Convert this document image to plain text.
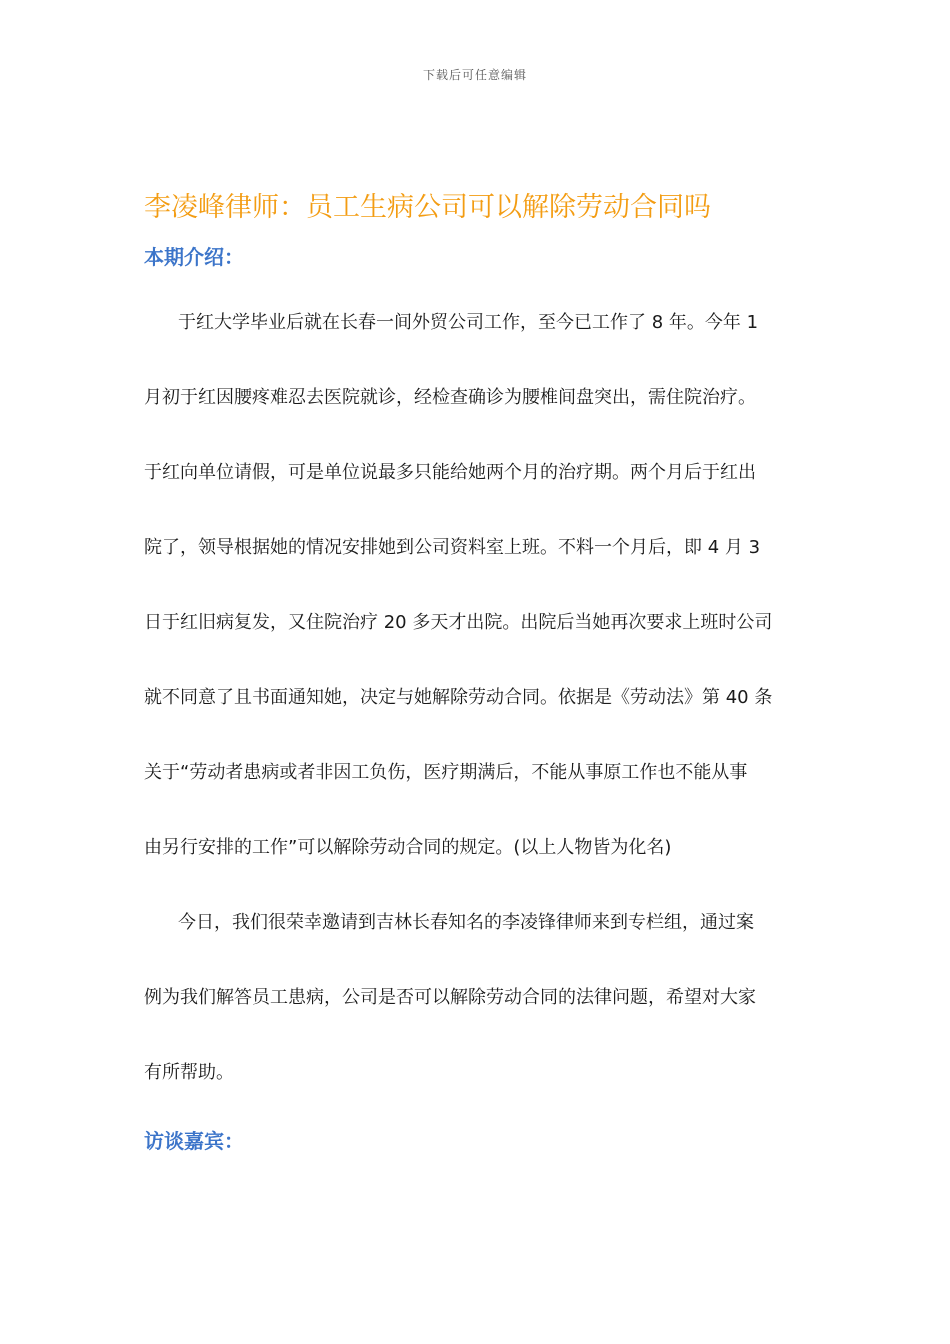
下载后可任意编辑
李凌峰律师：员工生病公司可以解除劳动合同吗
本期介绍：
于红大学毕业后就在长春一间外贸公司工作，至今已工作了 8 年。今年 1
月初于红因腰疼难忍去医院就诊，经检查确诊为腰椎间盘突出，需住院治疗。
于红向单位请假，可是单位说最多只能给她两个月的治疗期。两个月后于红出
院了，领导根据她的情况安排她到公司资料室上班。不料一个月后，即 4 月 3
日于红旧病复发，又住院治疗 20 多天才出院。出院后当她再次要求上班时公司
就不同意了且书面通知她，决定与她解除劳动合同。依据是《劳动法》第 40 条
关于“劳动者患病或者非因工负伤，医疗期满后，不能从事原工作也不能从事
由另行安排的工作”可以解除劳动合同的规定。(以上人物皆为化名)
今日，我们很荣幸邀请到吉林长春知名的李凌锋律师来到专栏组，通过案
例为我们解答员工患病，公司是否可以解除劳动合同的法律问题，希望对大家
有所帮助。
访谈嘉宾：
